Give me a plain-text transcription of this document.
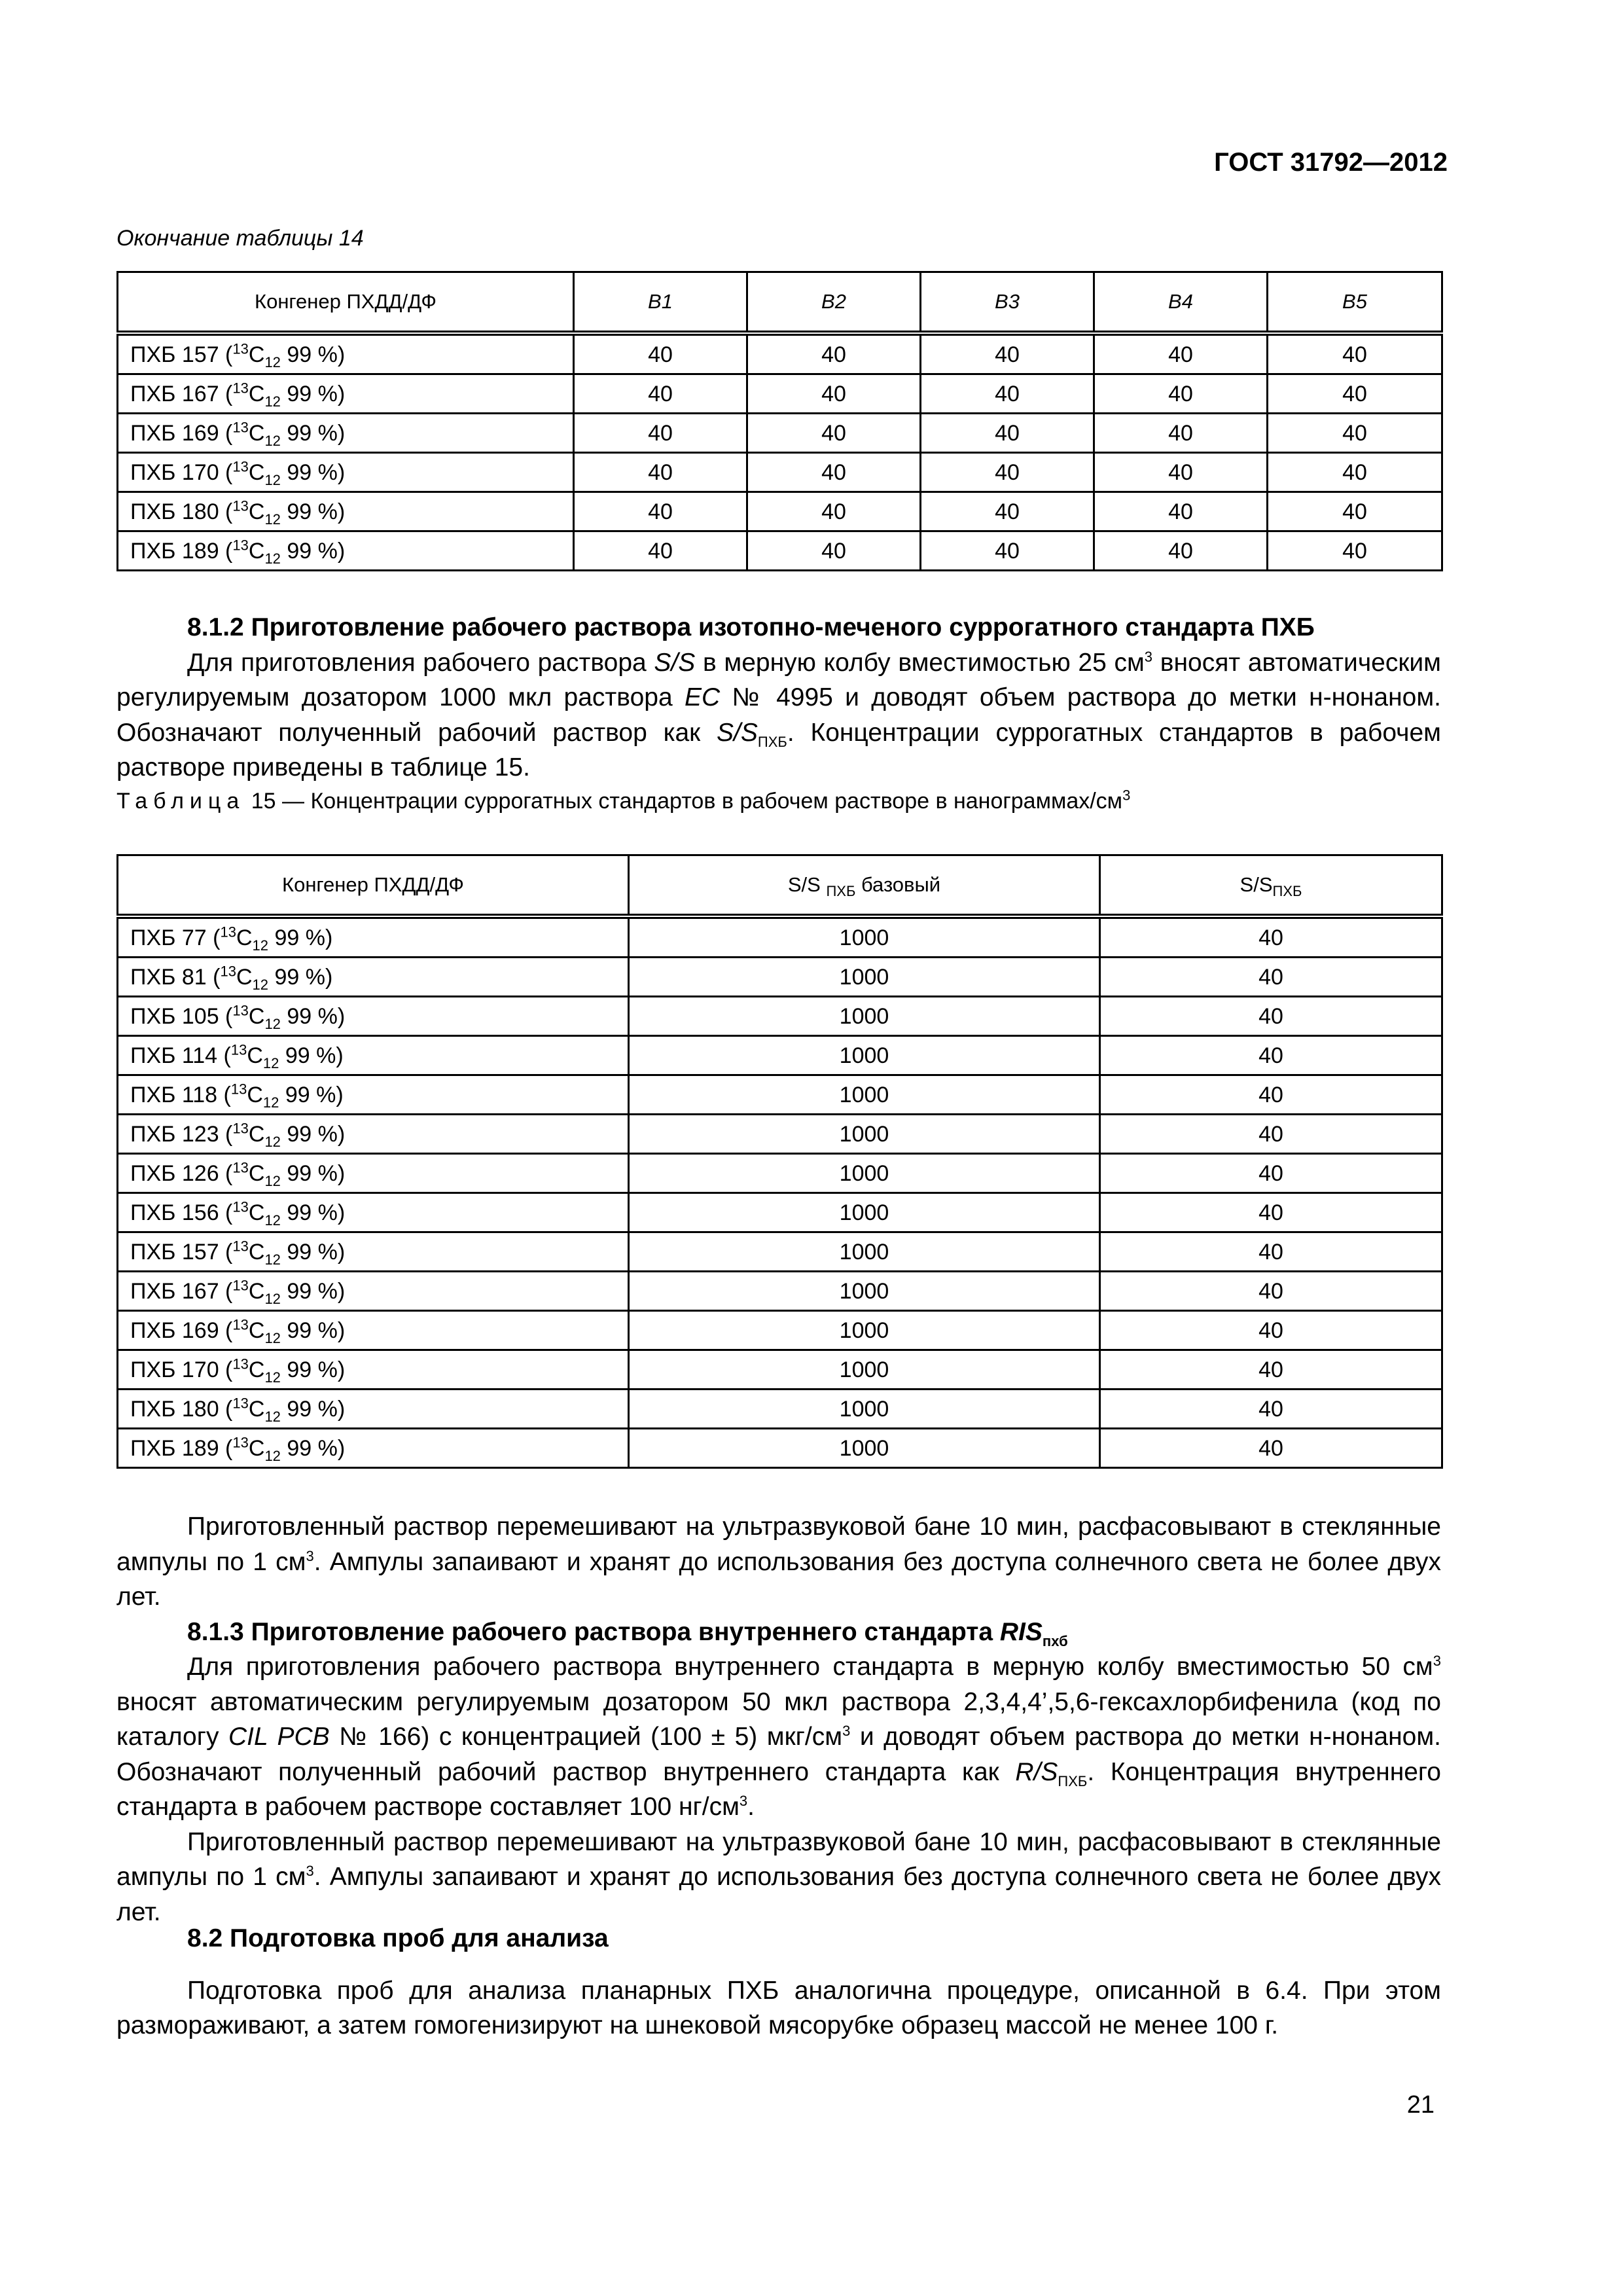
ГОСТ 31792—2012
Окончание таблицы 14
Конгенер ПХДД/ДФ	B1	B2	B3	B4	B5
ПХБ 157 ($^{13}C_{12}$ 99 %)	40	40	40	40	40
ПХБ 167 ($^{13}C_{12}$ 99 %)	40	40	40	40	40
ПХБ 169 ($^{13}C_{12}$ 99 %)	40	40	40	40	40
ПХБ 170 ($^{13}C_{12}$ 99 %)	40	40	40	40	40
ПХБ 180 ($^{13}C_{12}$ 99 %)	40	40	40	40	40
ПХБ 189 ($^{13}C_{12}$ 99 %)	40	40	40	40	40

8.1.2 Приготовление рабочего раствора изотопно-меченого суррогатного стандарта ПХБ

Для приготовления рабочего раствора S/S в мерную колбу вместимостью 25 $см^3$ вносят автоматическим регулируемым дозатором 1000 мкл раствора EC № 4995 и доводят объем раствора до метки н-нонаном. Обозначают полученный рабочий раствор как $S/S_{ПХБ}$. Концентрации суррогатных стандартов в рабочем растворе приведены в таблице 15.

Таблица 15 — Концентрации суррогатных стандартов в рабочем растворе в нанограммах/$см^3$
Конгенер ПХДД/ДФ	S/S $_{ПХБ}$ базовый	$S/S_{ПХБ}$
ПХБ 77 ($^{13}C_{12}$ 99 %)	1000	40
ПХБ 81 ($^{13}C_{12}$ 99 %)	1000	40
ПХБ 105 ($^{13}C_{12}$ 99 %)	1000	40
ПХБ 114 ($^{13}C_{12}$ 99 %)	1000	40
ПХБ 118 ($^{13}C_{12}$ 99 %)	1000	40
ПХБ 123 ($^{13}C_{12}$ 99 %)	1000	40
ПХБ 126 ($^{13}C_{12}$ 99 %)	1000	40
ПХБ 156 ($^{13}C_{12}$ 99 %)	1000	40
ПХБ 157 ($^{13}C_{12}$ 99 %)	1000	40
ПХБ 167 ($^{13}C_{12}$ 99 %)	1000	40
ПХБ 169 ($^{13}C_{12}$ 99 %)	1000	40
ПХБ 170 ($^{13}C_{12}$ 99 %)	1000	40
ПХБ 180 ($^{13}C_{12}$ 99 %)	1000	40
ПХБ 189 ($^{13}C_{12}$ 99 %)	1000	40

Приготовленный раствор перемешивают на ультразвуковой бане 10 мин, расфасовывают в стеклянные ампулы по 1 $см^3$. Ампулы запаивают и хранят до использования без доступа солнечного света не более двух лет.

8.1.3 Приготовление рабочего раствора внутреннего стандарта $RIS_{пхб}$

Для приготовления рабочего раствора внутреннего стандарта в мерную колбу вместимостью 50 $см^3$ вносят автоматическим регулируемым дозатором 50 мкл раствора 2,3,4,4’,5,6-гексахлорбифенила (код по каталогу CIL PCB № 166) с концентрацией (100 ± 5) мкг/$см^3$ и доводят объем раствора до метки н-нонаном. Обозначают полученный рабочий раствор внутреннего стандарта как $R/S_{ПХБ}$. Концентрация внутреннего стандарта в рабочем растворе составляет 100 $нг/см^3$.

Приготовленный раствор перемешивают на ультразвуковой бане 10 мин, расфасовывают в стеклянные ампулы по 1 $см^3$. Ампулы запаивают и хранят до использования без доступа солнечного света не более двух лет.

8.2 Подготовка проб для анализа

Подготовка проб для анализа планарных ПХБ аналогична процедуре, описанной в 6.4. При этом размораживают, а затем гомогенизируют на шнековой мясорубке образец массой не менее 100 г.

21
